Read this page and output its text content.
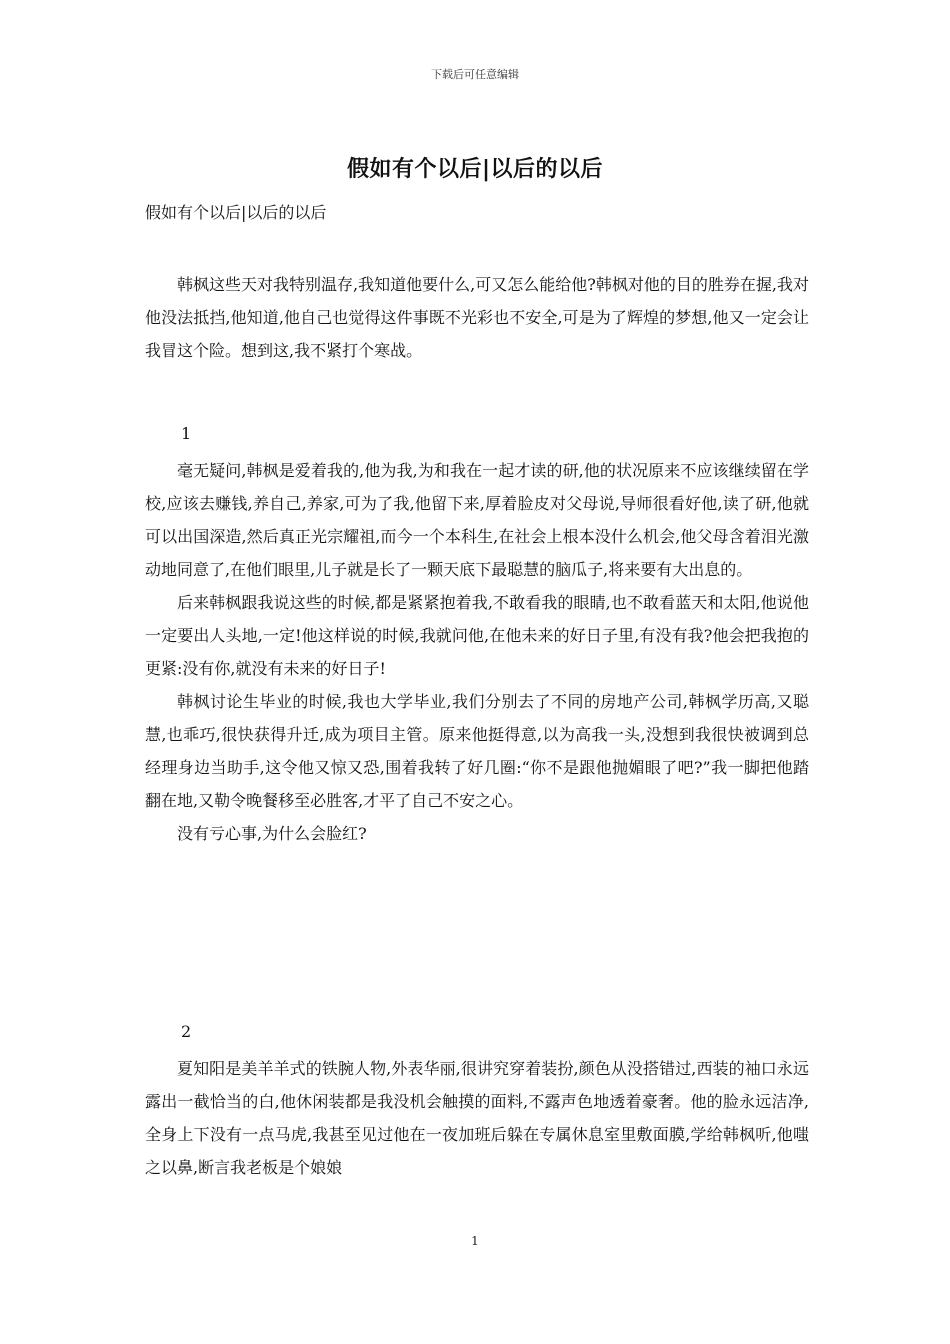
下载后可任意编辑
假如有个以后|以后的以后
假如有个以后|以后的以后

韩枫这些天对我特别温存,我知道他要什么,可又怎么能给他?韩枫对他的目的胜券在握,我对他没法抵挡,他知道,他自己也觉得这件事既不光彩也不安全,可是为了辉煌的梦想,他又一定会让我冒这个险。想到这,我不紧打个寒战。

1

毫无疑问,韩枫是爱着我的,他为我,为和我在一起才读的研,他的状况原来不应该继续留在学校,应该去赚钱,养自己,养家,可为了我,他留下来,厚着脸皮对父母说,导师很看好他,读了研,他就可以出国深造,然后真正光宗耀祖,而今一个本科生,在社会上根本没什么机会,他父母含着泪光激动地同意了,在他们眼里,儿子就是长了一颗天底下最聪慧的脑瓜子,将来要有大出息的。

后来韩枫跟我说这些的时候,都是紧紧抱着我,不敢看我的眼睛,也不敢看蓝天和太阳,他说他一定要出人头地,一定!他这样说的时候,我就问他,在他未来的好日子里,有没有我?他会把我抱的更紧:没有你,就没有未来的好日子!

韩枫讨论生毕业的时候,我也大学毕业,我们分别去了不同的房地产公司,韩枫学历高,又聪慧,也乖巧,很快获得升迁,成为项目主管。原来他挺得意,以为高我一头,没想到我很快被调到总经理身边当助手,这令他又惊又恐,围着我转了好几圈:“你不是跟他抛媚眼了吧?”我一脚把他踏翻在地,又勒令晚餐移至必胜客,才平了自己不安之心。

没有亏心事,为什么会脸红?

2

夏知阳是美羊羊式的铁腕人物,外表华丽,很讲究穿着装扮,颜色从没搭错过,西装的袖口永远露出一截恰当的白,他休闲装都是我没机会触摸的面料,不露声色地透着豪奢。他的脸永远洁净,全身上下没有一点马虎,我甚至见过他在一夜加班后躲在专属休息室里敷面膜,学给韩枫听,他嗤之以鼻,断言我老板是个娘娘

1
